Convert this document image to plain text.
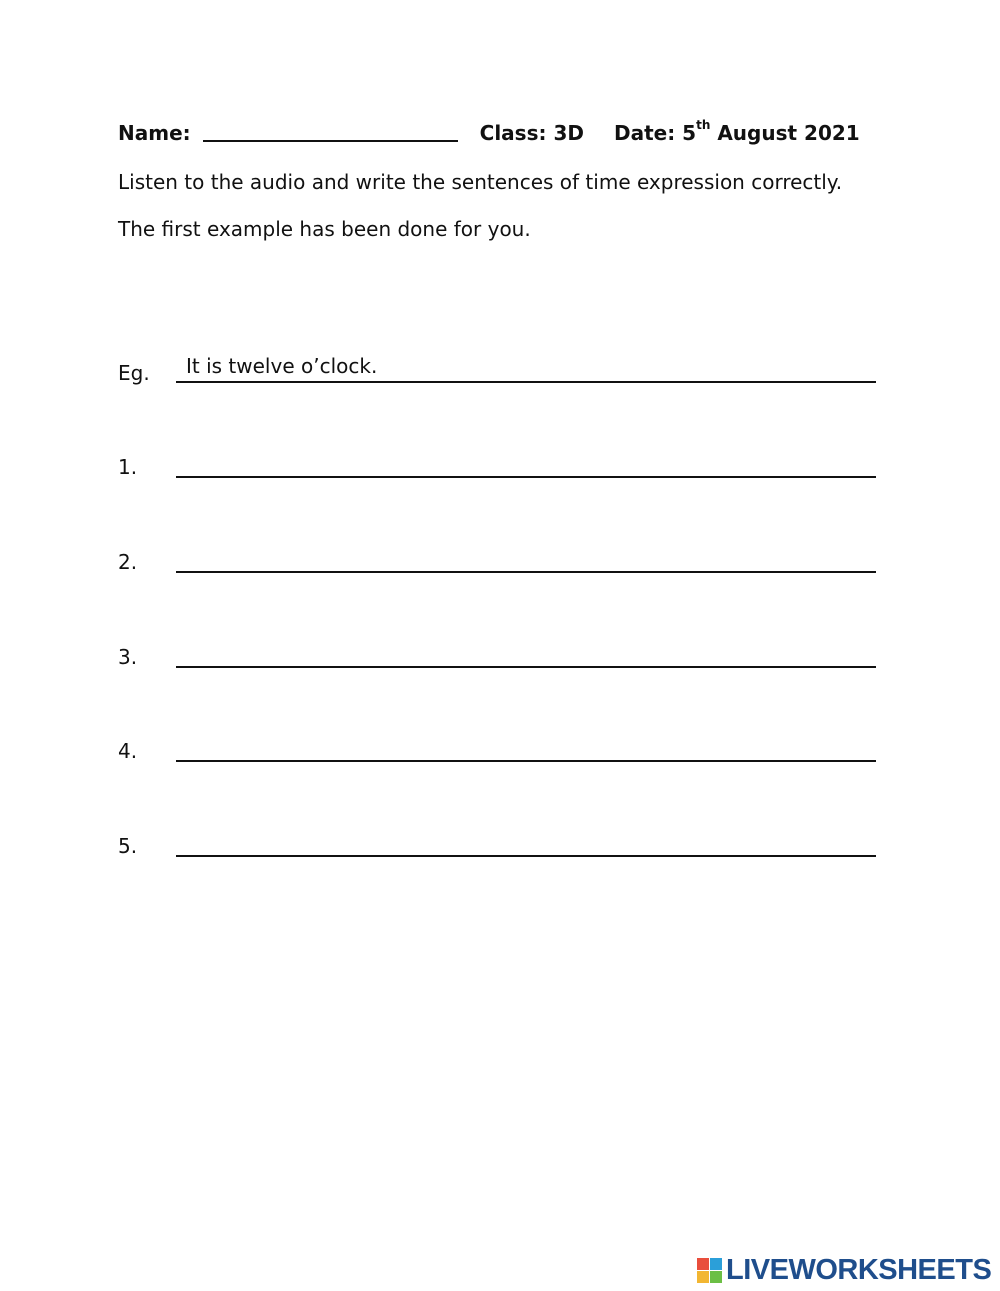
Name:	Class: 3D Date: 5th August 2021
Listen to the audio and write the sentences of time expression correctly.
The first example has been done for you.
Eg. It is twelve o’clock.
1.
2.
3.
4.
5.
LIVEWORKSHEETS
